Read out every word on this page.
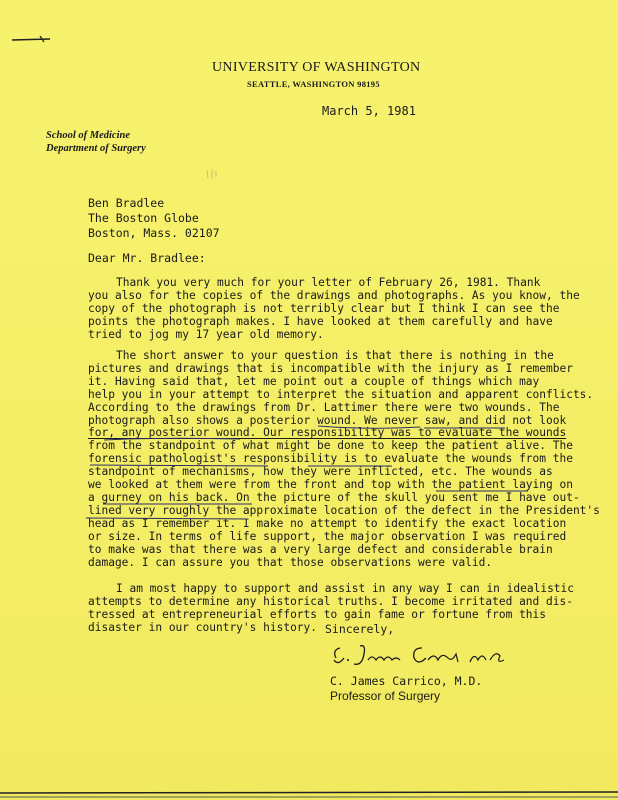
UNIVERSITY OF WASHINGTON
SEATTLE, WASHINGTON 98195
March 5, 1981
School of Medicine
Department of Surgery
Ben Bradlee
The Boston Globe
Boston, Mass. 02107
Dear Mr. Bradlee:
Thank you very much for your letter of February 26, 1981. Thank
you also for the copies of the drawings and photographs. As you know, the
copy of the photograph is not terribly clear but I think I can see the
points the photograph makes. I have looked at them carefully and have
tried to jog my 17 year old memory.
The short answer to your question is that there is nothing in the
pictures and drawings that is incompatible with the injury as I remember
it. Having said that, let me point out a couple of things which may
help you in your attempt to interpret the situation and apparent conflicts.
According to the drawings from Dr. Lattimer there were two wounds. The
photograph also shows a posterior wound. We never saw, and did not look
for, any posterior wound. Our responsibility was to evaluate the wounds
from the standpoint of what might be done to keep the patient alive. The
forensic pathologist's responsibility is to evaluate the wounds from the
standpoint of mechanisms, how they were inflicted, etc. The wounds as
we looked at them were from the front and top with the patient laying on
a gurney on his back. On the picture of the skull you sent me I have out-
lined very roughly the approximate location of the defect in the President's
head as I remember it. I make no attempt to identify the exact location
or size. In terms of life support, the major observation I was required
to make was that there was a very large defect and considerable brain
damage. I can assure you that those observations were valid.
I am most happy to support and assist in any way I can in idealistic
attempts to determine any historical truths. I become irritated and dis-
tressed at entrepreneurial efforts to gain fame or fortune from this
disaster in our country's history. Sincerely,
C. James Carrico, M.D.
Professor of Surgery
